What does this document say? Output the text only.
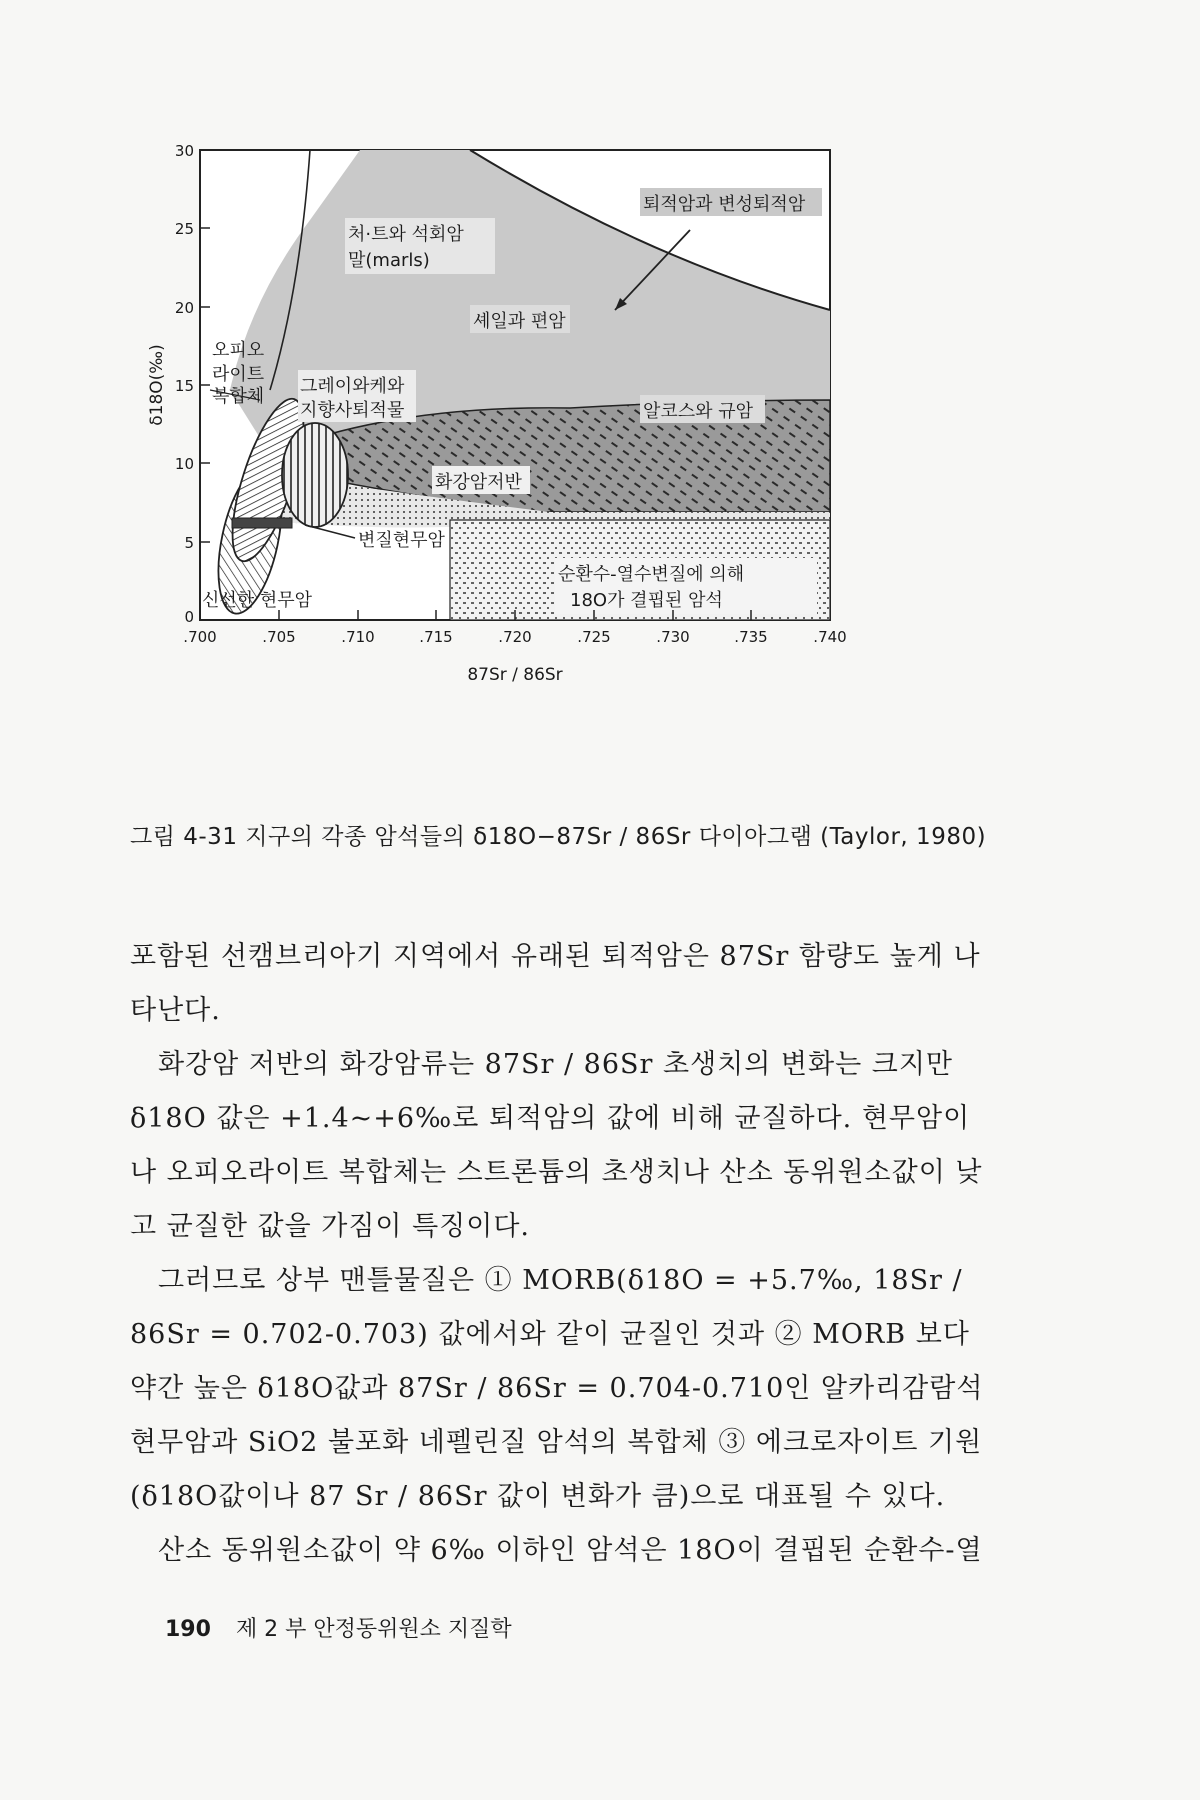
퇴적암과 변성퇴적암
처·트와 석회암
말(marls)
셰일과 편암
오피오
라이트
복합체 그레이와케와
지향사퇴적물	알코스와 규암
화강암저반
변질현무암
순환수-열수변질에 의해
18O가 결핍된 암석
신선한 현무암
30
25
20
15
10
5
0
δ18O(‰)
.700	.705	.710	.715	.720	.725	.730	.735	.740
87Sr / 86Sr
그림 4-31 지구의 각종 암석들의 δ18O−87Sr / 86Sr 다이아그램 (Taylor, 1980)

포함된 선캠브리아기 지역에서 유래된 퇴적암은 87Sr 함량도 높게 나타난다.

화강암 저반의 화강암류는 87Sr / 86Sr 초생치의 변화는 크지만 δ18O 값은 +1.4~+6‰로 퇴적암의 값에 비해 균질하다. 현무암이나 오피오라이트 복합체는 스트론튬의 초생치나 산소 동위원소값이 낮고 균질한 값을 가짐이 특징이다.

그러므로 상부 맨틀물질은 ① MORB(δ18O = +5.7‰, 18Sr / 86Sr = 0.702-0.703) 값에서와 같이 균질인 것과 ② MORB 보다 약간 높은 δ18O값과 87Sr / 86Sr = 0.704-0.710인 알카리감람석 현무암과 SiO2 불포화 네펠린질 암석의 복합체 ③ 에크로자이트 기원(δ18O값이나 87 Sr / 86Sr 값이 변화가 큼)으로 대표될 수 있다.

산소 동위원소값이 약 6‰ 이하인 암석은 18O이 결핍된 순환수-열

190 제 2 부 안정동위원소 지질학
